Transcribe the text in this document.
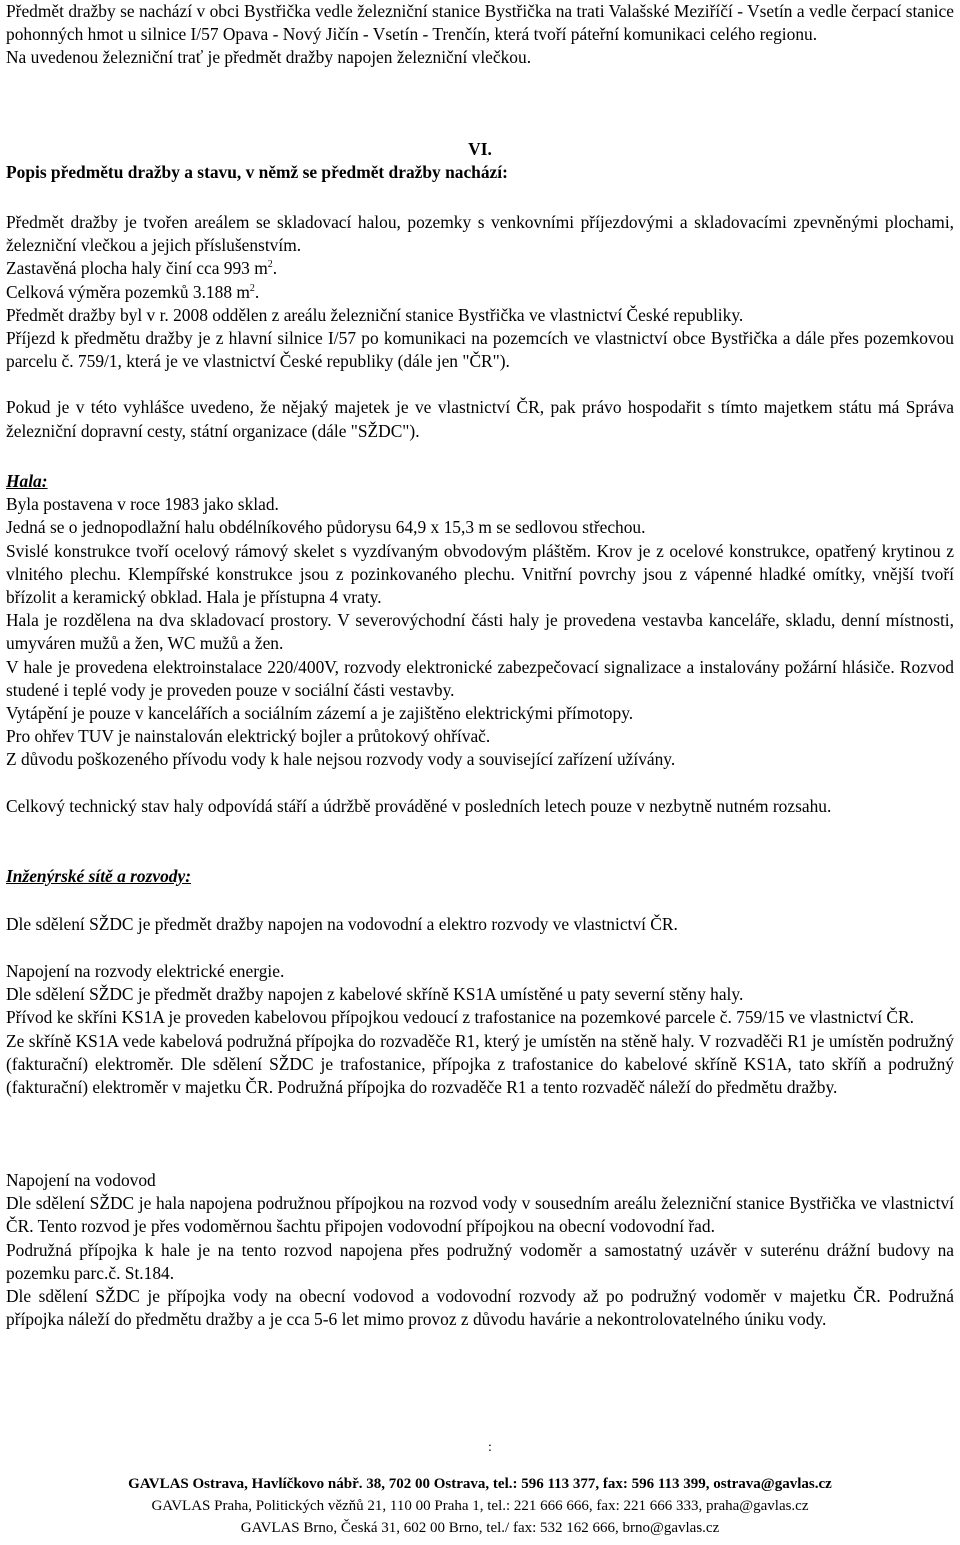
Předmět dražby se nachází v obci Bystřička vedle železniční stanice Bystřička na trati Valašské Meziříčí - Vsetín a vedle čerpací stanice pohonných hmot u silnice I/57 Opava - Nový Jičín - Vsetín - Trenčín, která tvoří páteřní komunikaci celého regionu.

Na uvedenou železniční trať je předmět dražby napojen železniční vlečkou.

VI.

Popis předmětu dražby a stavu, v němž se předmět dražby nachází:

Předmět dražby je tvořen areálem se skladovací halou, pozemky s venkovními příjezdovými a skladovacími zpevněnými plochami, železniční vlečkou a jejich příslušenstvím.

Zastavěná plocha haly činí cca 993 $m^2$.

Celková výměra pozemků 3.188 $m^2$.

Předmět dražby byl v r. 2008 oddělen z areálu železniční stanice Bystřička ve vlastnictví České republiky.

Příjezd k předmětu dražby je z hlavní silnice I/57 po komunikaci na pozemcích ve vlastnictví obce Bystřička a dále přes pozemkovou parcelu č. 759/1, která je ve vlastnictví České republiky (dále jen "ČR").

Pokud je v této vyhlášce uvedeno, že nějaký majetek je ve vlastnictví ČR, pak právo hospodařit s tímto majetkem státu má Správa železniční dopravní cesty, státní organizace (dále "SŽDC").

Hala:

Byla postavena v roce 1983 jako sklad.

Jedná se o jednopodlažní halu obdélníkového půdorysu 64,9 x 15,3 m se sedlovou střechou.

Svislé konstrukce tvoří ocelový rámový skelet s vyzdívaným obvodovým pláštěm. Krov je z ocelové konstrukce, opatřený krytinou z vlnitého plechu. Klempířské konstrukce jsou z pozinkovaného plechu. Vnitřní povrchy jsou z vápenné hladké omítky, vnější tvoří břízolit a keramický obklad. Hala je přístupna 4 vraty.

Hala je rozdělena na dva skladovací prostory. V severovýchodní části haly je provedena vestavba kanceláře, skladu, denní místnosti, umyváren mužů a žen, WC mužů a žen.

V hale je provedena elektroinstalace 220/400V, rozvody elektronické zabezpečovací signalizace a instalovány požární hlásiče. Rozvod studené i teplé vody je proveden pouze v sociální části vestavby.

Vytápění je pouze v kancelářích a sociálním zázemí a je zajištěno elektrickými přímotopy.

Pro ohřev TUV je nainstalován elektrický bojler a průtokový ohřívač.

Z důvodu poškozeného přívodu vody k hale nejsou rozvody vody a související zařízení užívány.

Celkový technický stav haly odpovídá stáří a údržbě prováděné v posledních letech pouze v nezbytně nutném rozsahu.

Inženýrské sítě a rozvody:

Dle sdělení SŽDC je předmět dražby napojen na vodovodní a elektro rozvody ve vlastnictví ČR.

Napojení na rozvody elektrické energie.

Dle sdělení SŽDC je předmět dražby napojen z kabelové skříně KS1A umístěné u paty severní stěny haly.

Přívod ke skříni KS1A je proveden kabelovou přípojkou vedoucí z trafostanice na pozemkové parcele č. 759/15 ve vlastnictví ČR.

Ze skříně KS1A vede kabelová podružná přípojka do rozvaděče R1, který je umístěn na stěně haly. V rozvaděči R1 je umístěn podružný (fakturační) elektroměr. Dle sdělení SŽDC je trafostanice, přípojka z trafostanice do kabelové skříně KS1A, tato skříň a podružný (fakturační) elektroměr v majetku ČR. Podružná přípojka do rozvaděče R1 a tento rozvaděč náleží do předmětu dražby.

Napojení na vodovod

Dle sdělení SŽDC je hala napojena podružnou přípojkou na rozvod vody v sousedním areálu železniční stanice Bystřička ve vlastnictví ČR. Tento rozvod je přes vodoměrnou šachtu připojen vodovodní přípojkou na obecní vodovodní řad.

Podružná přípojka k hale je na tento rozvod napojena přes podružný vodoměr a samostatný uzávěr v suterénu drážní budovy na pozemku parc.č. St.184.

Dle sdělení SŽDC je přípojka vody na obecní vodovod a vodovodní rozvody až po podružný vodoměr v majetku ČR. Podružná přípojka náleží do předmětu dražby a je cca 5-6 let mimo provoz z důvodu havárie a nekontrolovatelného úniku vody.

:
GAVLAS Ostrava, Havlíčkovo nábř. 38, 702 00 Ostrava, tel.: 596 113 377, fax: 596 113 399, ostrava@gavlas.cz
GAVLAS Praha, Politických vězňů 21, 110 00 Praha 1, tel.: 221 666 666, fax: 221 666 333, praha@gavlas.cz
GAVLAS Brno, Česká 31, 602 00 Brno, tel./ fax: 532 162 666, brno@gavlas.cz
